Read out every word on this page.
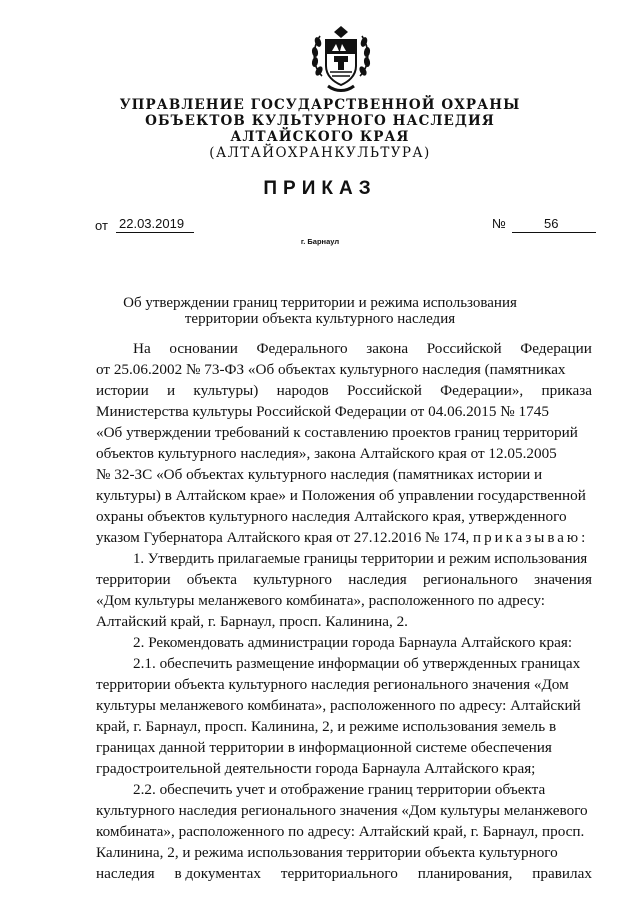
УПРАВЛЕНИЕ ГОСУДАРСТВЕННОЙ ОХРАНЫ
ОБЪЕКТОВ КУЛЬТУРНОГО НАСЛЕДИЯ
АЛТАЙСКОГО КРАЯ
(АЛТАЙОХРАНКУЛЬТУРА)
ПРИКАЗ
от 22.03.2019	№	56
г. Барнаул
Об утверждении границ территории и режима использования
территории объекта культурного наследия
На основании Федерального закона Российской Федерации
от 25.06.2002 № 73-ФЗ «Об объектах культурного наследия (памятниках
истории и культуры) народов Российской Федерации», приказа
Министерства культуры Российской Федерации от 04.06.2015 № 1745
«Об утверждении требований к составлению проектов границ территорий
объектов культурного наследия», закона Алтайского края от 12.05.2005
№ 32-ЗС «Об объектах культурного наследия (памятниках истории и
культуры) в Алтайском крае» и Положения об управлении государственной
охраны объектов культурного наследия Алтайского края, утвержденного
указом Губернатора Алтайского края от 27.12.2016 № 174, приказываю:
1. Утвердить прилагаемые границы территории и режим использования
территории объекта культурного наследия регионального значения
«Дом культуры меланжевого комбината», расположенного по адресу:
Алтайский край, г. Барнаул, просп. Калинина, 2.
2. Рекомендовать администрации города Барнаула Алтайского края:
2.1. обеспечить размещение информации об утвержденных границах
территории объекта культурного наследия регионального значения «Дом
культуры меланжевого комбината», расположенного по адресу: Алтайский
край, г. Барнаул, просп. Калинина, 2, и режиме использования земель в
границах данной территории в информационной системе обеспечения
градостроительной деятельности города Барнаула Алтайского края;
2.2. обеспечить учет и отображение границ территории объекта
культурного наследия регионального значения «Дом культуры меланжевого
комбината», расположенного по адресу: Алтайский край, г. Барнаул, просп.
Калинина, 2, и режима использования территории объекта культурного
наследия в документах территориального планирования, правилах
